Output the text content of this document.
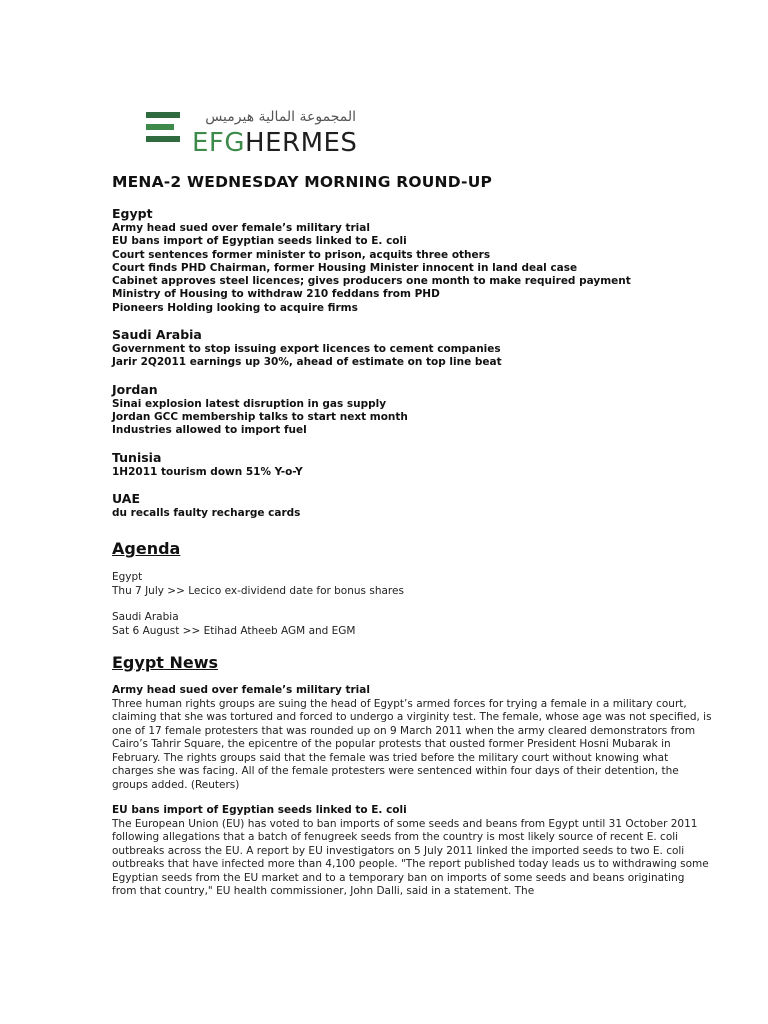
المجموعة المالية هيرميس
EFGHERMES
MENA-2 WEDNESDAY MORNING ROUND-UP
Egypt
Army head sued over female’s military trial
EU bans import of Egyptian seeds linked to E. coli
Court sentences former minister to prison, acquits three others
Court finds PHD Chairman, former Housing Minister innocent in land deal case
Cabinet approves steel licences; gives producers one month to make required payment
Ministry of Housing to withdraw 210 feddans from PHD
Pioneers Holding looking to acquire firms
Saudi Arabia
Government to stop issuing export licences to cement companies
Jarir 2Q2011 earnings up 30%, ahead of estimate on top line beat
Jordan
Sinai explosion latest disruption in gas supply
Jordan GCC membership talks to start next month
Industries allowed to import fuel
Tunisia
1H2011 tourism down 51% Y-o-Y
UAE
du recalls faulty recharge cards
Agenda
Egypt
Thu 7 July >> Lecico ex-dividend date for bonus shares
Saudi Arabia
Sat 6 August >> Etihad Atheeb AGM and EGM
Egypt News
Army head sued over female’s military trial
Three human rights groups are suing the head of Egypt’s armed forces for trying a female in a military court, claiming that she was tortured and forced to undergo a virginity test. The female, whose age was not specified, is one of 17 female protesters that was rounded up on 9 March 2011 when the army cleared demonstrators from Cairo’s Tahrir Square, the epicentre of the popular protests that ousted former President Hosni Mubarak in February. The rights groups said that the female was tried before the military court without knowing what charges she was facing. All of the female protesters were sentenced within four days of their detention, the groups added. (Reuters)
EU bans import of Egyptian seeds linked to E. coli
The European Union (EU) has voted to ban imports of some seeds and beans from Egypt until 31 October 2011 following allegations that a batch of fenugreek seeds from the country is most likely source of recent E. coli outbreaks across the EU. A report by EU investigators on 5 July 2011 linked the imported seeds to two E. coli outbreaks that have infected more than 4,100 people. "The report published today leads us to withdrawing some Egyptian seeds from the EU market and to a temporary ban on imports of some seeds and beans originating from that country," EU health commissioner, John Dalli, said in a statement. The
